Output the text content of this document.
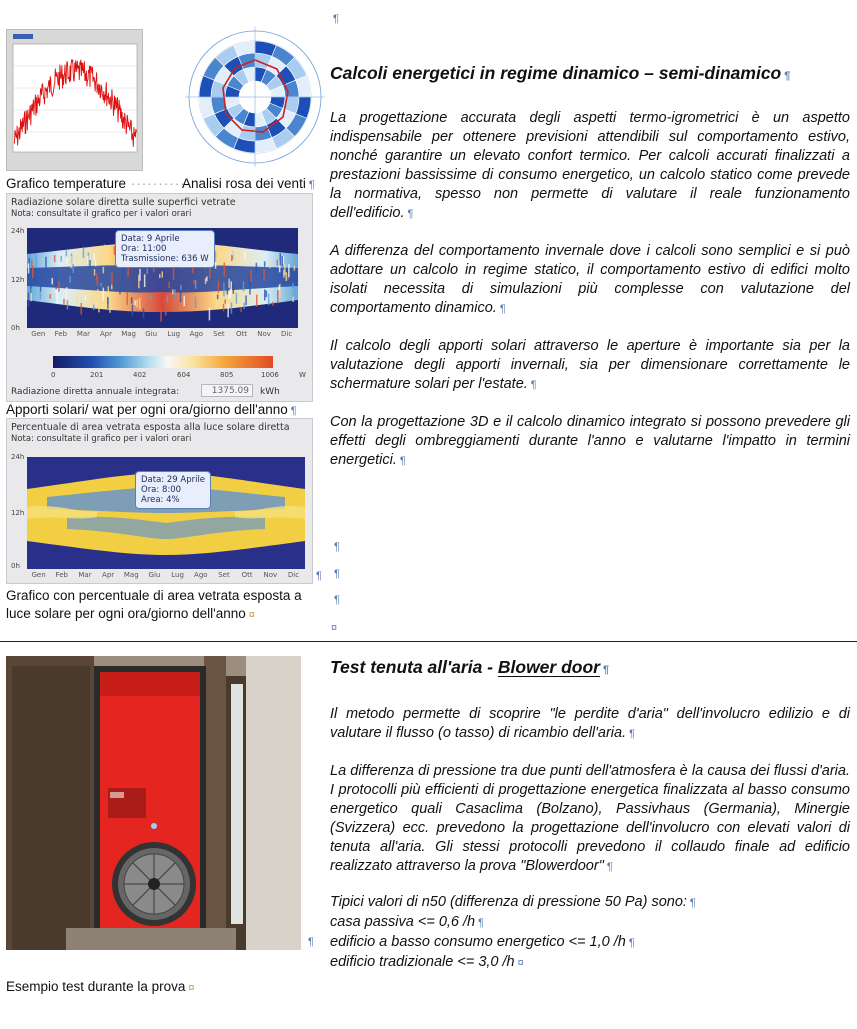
Grafico temperature ··········
Analisi rosa dei venti ¶
Radiazione solare diretta sulle superfici vetrate
Nota: consultate il grafico per i valori orari
24h
12h
0h
Data: 9 Aprile
Ora: 11:00
Trasmissione: 636 W
Gen	Feb	Mar	Apr	Mag	Giu	Lug	Ago	Set	Ott	Nov	Dic
0	201	402	604	805	1006	W
Radiazione diretta annuale integrata:	1375.09	kWh
Apporti solari/ wat per ogni ora/giorno dell'anno ¶
Percentuale di area vetrata esposta alla luce solare diretta
Nota: consultate il grafico per i valori orari
24h
12h
0h
Data: 29 Aprile
Ora: 8:00
Area: 4%
Gen	Feb	Mar	Apr	Mag	Giu	Lug	Ago	Set	Ott	Nov	Dic	¶
Grafico con percentuale di area vetrata esposta a luce solare per ogni ora/giorno dell'anno ¤
¶
Calcoli energetici in regime dinamico – semi-dinamico ¶

La progettazione accurata degli aspetti termo-igrometrici è un aspetto indispensabile per ottenere previsioni attendibili sul comportamento estivo, nonché garantire un elevato confort termico. Per calcoli accurati finalizzati a prestazioni bassissime di consumo energetico, un calcolo statico come prevede la normativa, spesso non permette di valutare il reale funzionamento dell'edificio. ¶

A differenza del comportamento invernale dove i calcoli sono semplici e si può adottare un calcolo in regime statico, il comportamento estivo di edifici molto isolati necessita di simulazioni più complesse con valutazione del comportamento dinamico. ¶

Il calcolo degli apporti solari attraverso le aperture è importante sia per la valutazione degli apporti invernali, sia per dimensionare correttamente le schermature solari per l'estate. ¶

Con la progettazione 3D e il calcolo dinamico integrato si possono prevedere gli effetti degli ombreggiamenti durante l'anno e valutarne l'impatto in termini energetici. ¶

¶
¶
¶
¤
¶
Esempio test durante la prova ¤
Test tenuta all'aria - Blower door ¶

Il metodo permette di scoprire "le perdite d'aria" dell'involucro edilizio e di valutare il flusso (o tasso) di ricambio dell'aria. ¶

La differenza di pressione tra due punti dell'atmosfera è la causa dei flussi d'aria. I protocolli più efficienti di progettazione energetica finalizzata al basso consumo energetico quali Casaclima (Bolzano), Passivhaus (Germania), Minergie (Svizzera) ecc. prevedono la progettazione dell'involucro con elevati valori di tenuta all'aria. Gli stessi protocolli prevedono il collaudo finale ad edificio realizzato attraverso la prova "Blowerdoor" ¶

Tipici valori di n50 (differenza di pressione 50 Pa) sono: ¶
casa passiva <= 0,6 /h ¶
edificio a basso consumo energetico <= 1,0 /h ¶
edificio tradizionale <= 3,0 /h ¤
